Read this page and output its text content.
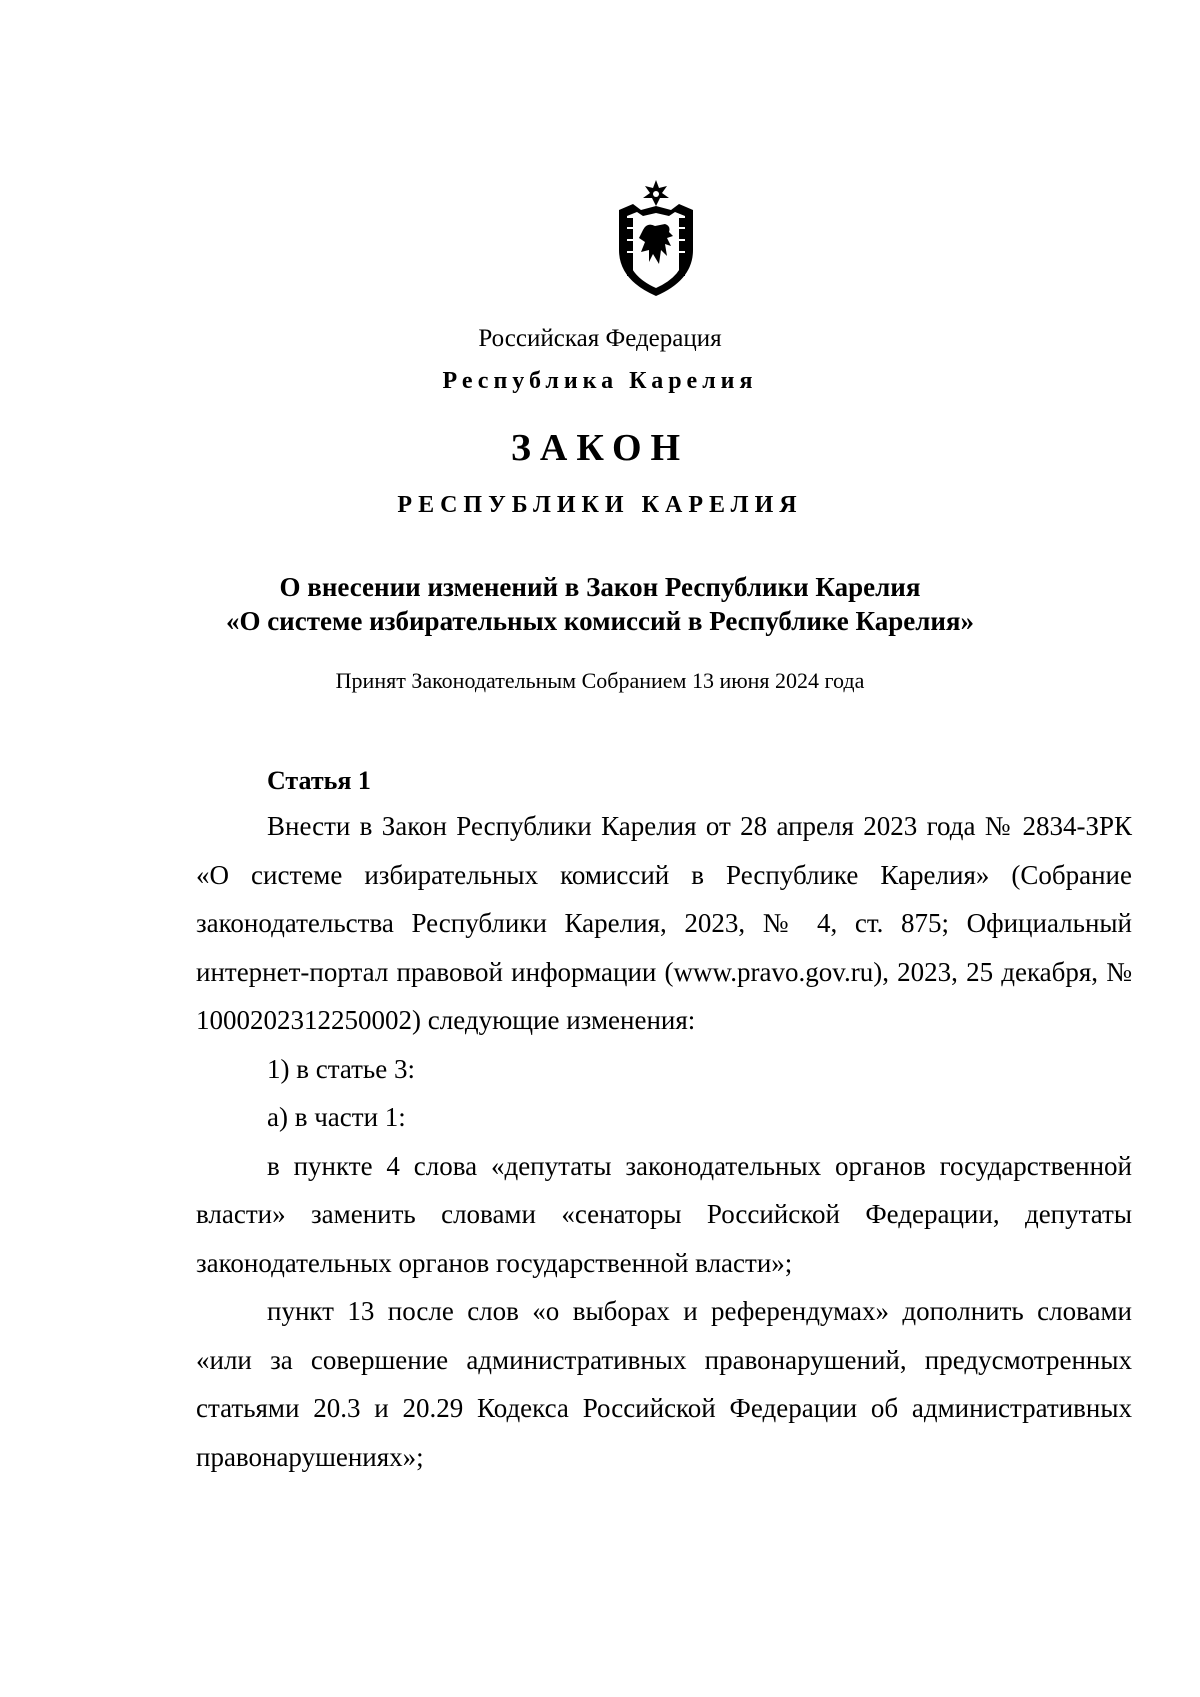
Российская Федерация
Республика Карелия
ЗАКОН
РЕСПУБЛИКИ КАРЕЛИЯ
О внесении изменений в Закон Республики Карелия
«О системе избирательных комиссий в Республике Карелия»
Принят Законодательным Собранием 13 июня 2024 года
Статья 1

Внести в Закон Республики Карелия от 28 апреля 2023 года № 2834-ЗРК «О системе избирательных комиссий в Республике Карелия» (Собрание законодательства Республики Карелия, 2023, № 4, ст. 875; Официальный интернет-портал правовой информации (www.pravo.gov.ru), 2023, 25 декабря, № 1000202312250002) следующие изменения:

1) в статье 3:

а) в части 1:

в пункте 4 слова «депутаты законодательных органов государственной власти» заменить словами «сенаторы Российской Федерации, депутаты законодательных органов государственной власти»;

пункт 13 после слов «о выборах и референдумах» дополнить словами «или за совершение административных правонарушений, предусмотренных статьями 20.3 и 20.29 Кодекса Российской Федерации об административных правонарушениях»;
